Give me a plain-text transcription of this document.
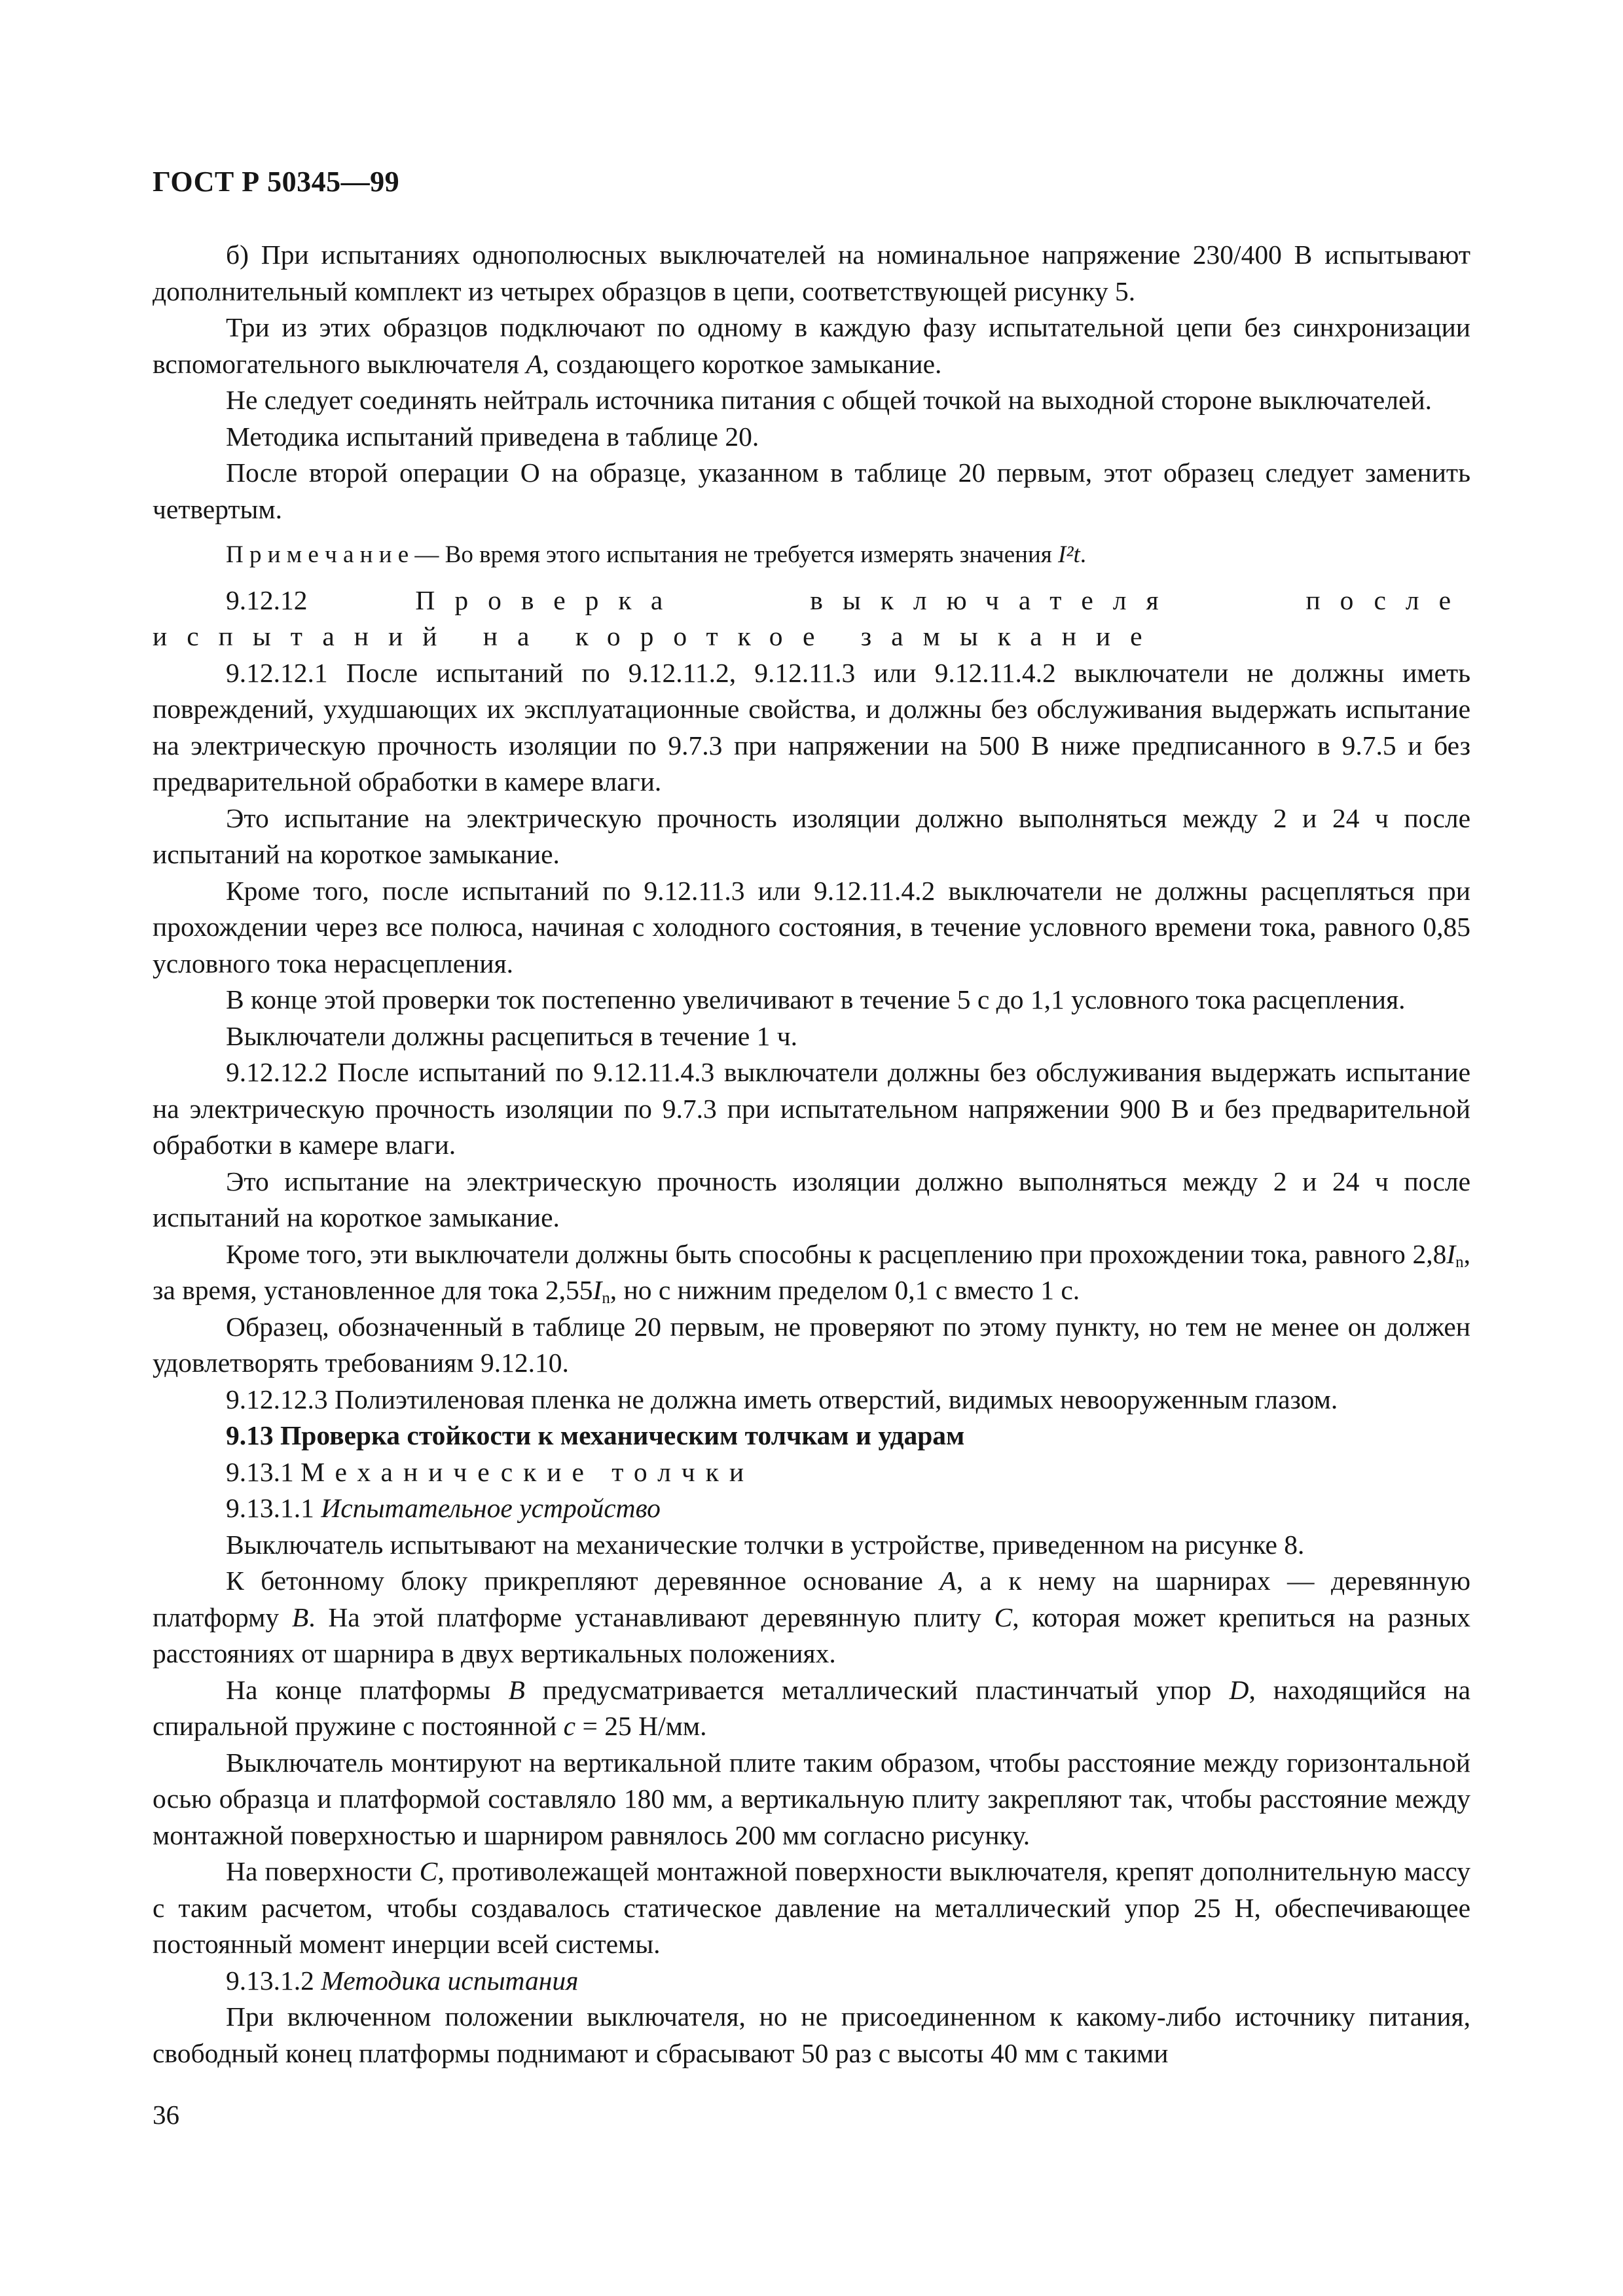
ГОСТ Р 50345—99

б) При испытаниях однополюсных выключателей на номинальное напряжение 230/400 В испытывают дополнительный комплект из четырех образцов в цепи, соответствующей рисунку 5.

Три из этих образцов подключают по одному в каждую фазу испытательной цепи без синхронизации вспомогательного выключателя A, создающего короткое замыкание.

Не следует соединять нейтраль источника питания с общей точкой на выходной стороне выключателей.

Методика испытаний приведена в таблице 20.

После второй операции О на образце, указанном в таблице 20 первым, этот образец следует заменить четвертым.

П р и м е ч а н и е — Во время этого испытания не требуется измерять значения I²t.

9.12.12 Проверка выключателя после испытаний на короткое замыкание

9.12.12.1 После испытаний по 9.12.11.2, 9.12.11.3 или 9.12.11.4.2 выключатели не должны иметь повреждений, ухудшающих их эксплуатационные свойства, и должны без обслуживания выдержать испытание на электрическую прочность изоляции по 9.7.3 при напряжении на 500 В ниже предписанного в 9.7.5 и без предварительной обработки в камере влаги.

Это испытание на электрическую прочность изоляции должно выполняться между 2 и 24 ч после испытаний на короткое замыкание.

Кроме того, после испытаний по 9.12.11.3 или 9.12.11.4.2 выключатели не должны расцепляться при прохождении через все полюса, начиная с холодного состояния, в течение условного времени тока, равного 0,85 условного тока нерасцепления.

В конце этой проверки ток постепенно увеличивают в течение 5 с до 1,1 условного тока расцепления.

Выключатели должны расцепиться в течение 1 ч.

9.12.12.2 После испытаний по 9.12.11.4.3 выключатели должны без обслуживания выдержать испытание на электрическую прочность изоляции по 9.7.3 при испытательном напряжении 900 В и без предварительной обработки в камере влаги.

Это испытание на электрическую прочность изоляции должно выполняться между 2 и 24 ч после испытаний на короткое замыкание.

Кроме того, эти выключатели должны быть способны к расцеплению при прохождении тока, равного $2,8I_n$, за время, установленное для тока $2,55I_n$, но с нижним пределом 0,1 с вместо 1 с.

Образец, обозначенный в таблице 20 первым, не проверяют по этому пункту, но тем не менее он должен удовлетворять требованиям 9.12.10.

9.12.12.3 Полиэтиленовая пленка не должна иметь отверстий, видимых невооруженным глазом.

9.13 Проверка стойкости к механическим толчкам и ударам

9.13.1 Механические толчки

9.13.1.1 Испытательное устройство

Выключатель испытывают на механические толчки в устройстве, приведенном на рисунке 8.

К бетонному блоку прикрепляют деревянное основание A, а к нему на шарнирах — деревянную платформу B. На этой платформе устанавливают деревянную плиту C, которая может крепиться на разных расстояниях от шарнира в двух вертикальных положениях.

На конце платформы B предусматривается металлический пластинчатый упор D, находящийся на спиральной пружине с постоянной c = 25 Н/мм.

Выключатель монтируют на вертикальной плите таким образом, чтобы расстояние между горизонтальной осью образца и платформой составляло 180 мм, а вертикальную плиту закрепляют так, чтобы расстояние между монтажной поверхностью и шарниром равнялось 200 мм согласно рисунку.

На поверхности C, противолежащей монтажной поверхности выключателя, крепят дополнительную массу с таким расчетом, чтобы создавалось статическое давление на металлический упор 25 Н, обеспечивающее постоянный момент инерции всей системы.

9.13.1.2 Методика испытания

При включенном положении выключателя, но не присоединенном к какому-либо источнику питания, свободный конец платформы поднимают и сбрасывают 50 раз с высоты 40 мм с такими

36
